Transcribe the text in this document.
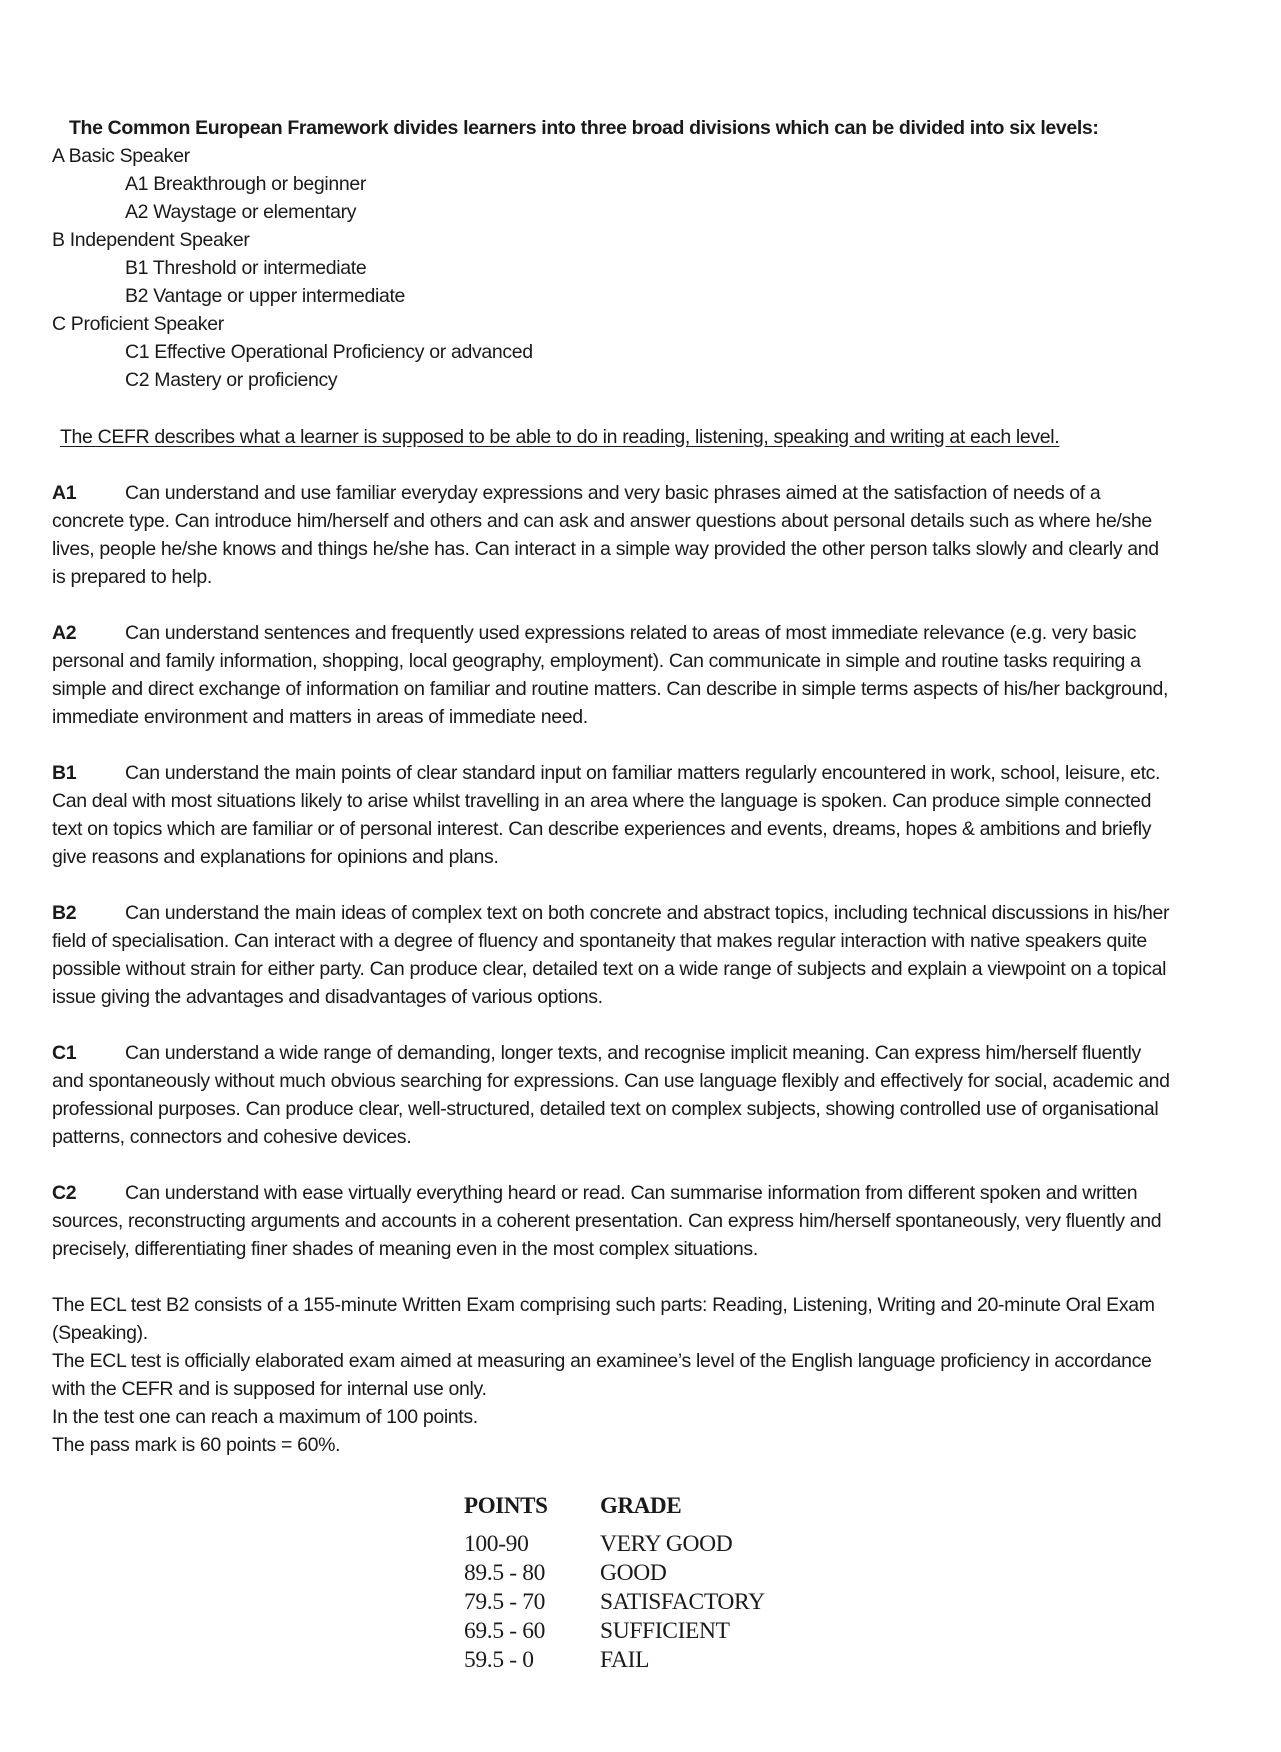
The Common European Framework divides learners into three broad divisions which can be divided into six levels:
A Basic Speaker
A1 Breakthrough or beginner
A2 Waystage or elementary
B Independent Speaker
B1 Threshold or intermediate
B2 Vantage or upper intermediate
C Proficient Speaker
C1 Effective Operational Proficiency or advanced
C2 Mastery or proficiency
The CEFR describes what a learner is supposed to be able to do in reading, listening, speaking and writing at each level.
A1	Can understand and use familiar everyday expressions and very basic phrases aimed at the satisfaction of needs of a concrete type. Can introduce him/herself and others and can ask and answer questions about personal details such as where he/she lives, people he/she knows and things he/she has. Can interact in a simple way provided the other person talks slowly and clearly and is prepared to help.
A2	Can understand sentences and frequently used expressions related to areas of most immediate relevance (e.g. very basic personal and family information, shopping, local geography, employment). Can communicate in simple and routine tasks requiring a simple and direct exchange of information on familiar and routine matters. Can describe in simple terms aspects of his/her background, immediate environment and matters in areas of immediate need.
B1	Can understand the main points of clear standard input on familiar matters regularly encountered in work, school, leisure, etc. Can deal with most situations likely to arise whilst travelling in an area where the language is spoken. Can produce simple connected text on topics which are familiar or of personal interest. Can describe experiences and events, dreams, hopes & ambitions and briefly give reasons and explanations for opinions and plans.
B2	Can understand the main ideas of complex text on both concrete and abstract topics, including technical discussions in his/her field of specialisation. Can interact with a degree of fluency and spontaneity that makes regular interaction with native speakers quite possible without strain for either party. Can produce clear, detailed text on a wide range of subjects and explain a viewpoint on a topical issue giving the advantages and disadvantages of various options.
C1	Can understand a wide range of demanding, longer texts, and recognise implicit meaning. Can express him/herself fluently and spontaneously without much obvious searching for expressions. Can use language flexibly and effectively for social, academic and professional purposes. Can produce clear, well-structured, detailed text on complex subjects, showing controlled use of organisational patterns, connectors and cohesive devices.
C2	Can understand with ease virtually everything heard or read. Can summarise information from different spoken and written sources, reconstructing arguments and accounts in a coherent presentation. Can express him/herself spontaneously, very fluently and precisely, differentiating finer shades of meaning even in the most complex situations.

The ECL test B2 consists of a 155-minute Written Exam comprising such parts: Reading, Listening, Writing and 20-minute Oral Exam (Speaking).

The ECL test is officially elaborated exam aimed at measuring an examinee’s level of the English language proficiency in accordance with the CEFR and is supposed for internal use only.

In the test one can reach a maximum of 100 points.

The pass mark is 60 points = 60%.

POINTS GRADE
100-90	VERY GOOD
89.5 - 80 GOOD
79.5 - 70 SATISFACTORY
69.5 - 60 SUFFICIENT
59.5 - 0	FAIL
